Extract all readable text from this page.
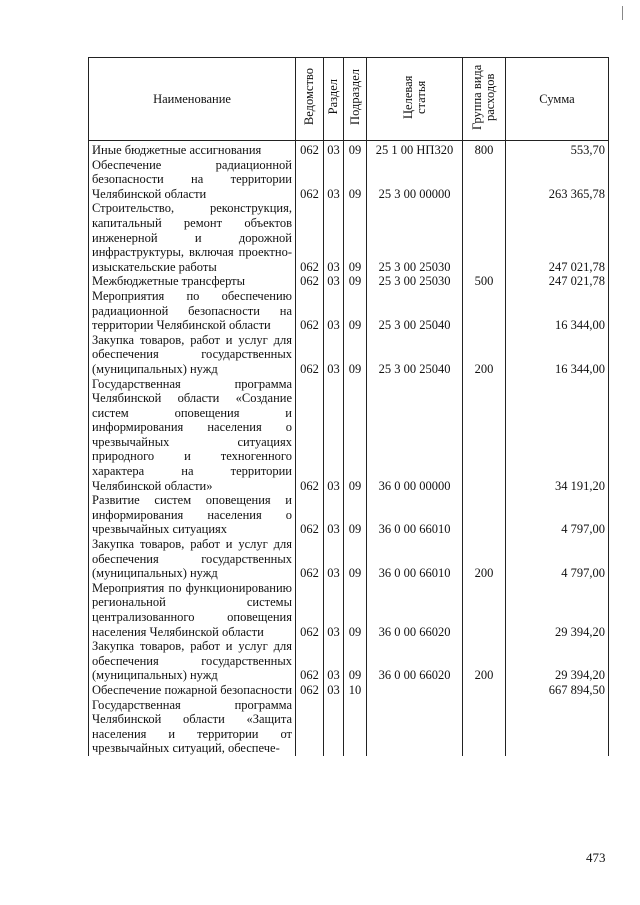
Наименование	Ведомство	Раздел	Подраздел	Целевая статья	Группа вида расходов	Сумма
Иные бюджетные ассигнования	062	03	09	25 1 00 НП320	800	553,70
Обеспечение радиационной безопасности на территории Челябинской области	062	03	09	25 3 00 00000		263 365,78
Строительство, реконструкция, капитальный ремонт объектов инженерной и дорожной инфраструктуры, включая проектно-изыскательские работы	062	03	09	25 3 00 25030		247 021,78
Межбюджетные трансферты	062	03	09	25 3 00 25030	500	247 021,78
Мероприятия по обеспечению радиационной безопасности на территории Челябинской области	062	03	09	25 3 00 25040		16 344,00
Закупка товаров, работ и услуг для обеспечения государственных (муниципальных) нужд	062	03	09	25 3 00 25040	200	16 344,00
Государственная программа Челябинской области «Создание систем оповещения и информирования населения о чрезвычайных ситуациях природного и техногенного характера на территории Челябинской области»	062	03	09	36 0 00 00000		34 191,20
Развитие систем оповещения и информирования населения о чрезвычайных ситуациях	062	03	09	36 0 00 66010		4 797,00
Закупка товаров, работ и услуг для обеспечения государственных (муниципальных) нужд	062	03	09	36 0 00 66010	200	4 797,00
Мероприятия по функционированию региональной системы централизованного оповещения населения Челябинской области	062	03	09	36 0 00 66020		29 394,20
Закупка товаров, работ и услуг для обеспечения государственных (муниципальных) нужд	062	03	09	36 0 00 66020	200	29 394,20
Обеспечение пожарной безопасности	062	03	10			667 894,50
Государственная программа Челябинской области «Защита населения и территории от чрезвычайных ситуаций, обеспече-						
473
